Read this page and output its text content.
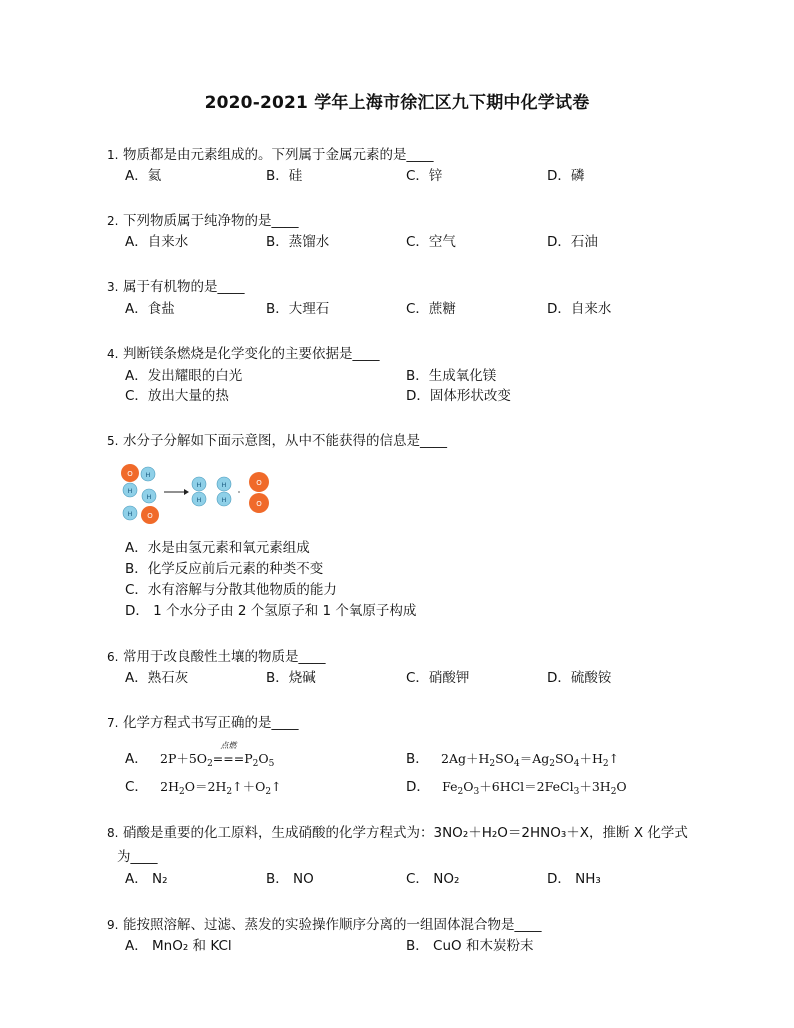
2020-2021 学年上海市徐汇区九下期中化学试卷
1. 物质都是由元素组成的。下列属于金属元素的是____
A．氦	B．硅	C．锌	D．磷
2. 下列物质属于纯净物的是____
A．自来水	B．蒸馏水	C．空气	D．石油
3. 属于有机物的是____
A．食盐	B．大理石	C．蔗糖	D．自来水
4. 判断镁条燃烧是化学变化的主要依据是____
A．发出耀眼的白光	B．生成氧化镁
C．放出大量的热	D．固体形状改变
5. 水分子分解如下面示意图，从中不能获得的信息是____
O H
H
H
H O
H
H
H
H
O
O
A．水是由氢元素和氧元素组成
B．化学反应前后元素的种类不变
C．水有溶解与分散其他物质的能力
D． 1 个水分子由 2 个氢原子和 1 个氧原子构成
6. 常用于改良酸性土壤的物质是____
A．熟石灰	B．烧碱	C．硝酸钾	D．硫酸铵
7. 化学方程式书写正确的是____
A．   $2P+5O_2===$
点燃
$P_2O_5$	B．   $2Ag+H_2SO_4=Ag_2SO_4+H_2↑$
C．   $2H_2O=2H_2↑+O_2↑$	D．   $Fe_2O_3+6HCl=2FeCl_3+3H_2O$
8. 硝酸是重要的化工原料，生成硝酸的化学方程式为：3NO₂＋H₂O＝2HNO₃＋X，推断 X 化学式
为____
A． N₂	B． NO	C． NO₂	D． NH₃
9. 能按照溶解、过滤、蒸发的实验操作顺序分离的一组固体混合物是____
A． MnO₂ 和 KCl	B． CuO 和木炭粉末
